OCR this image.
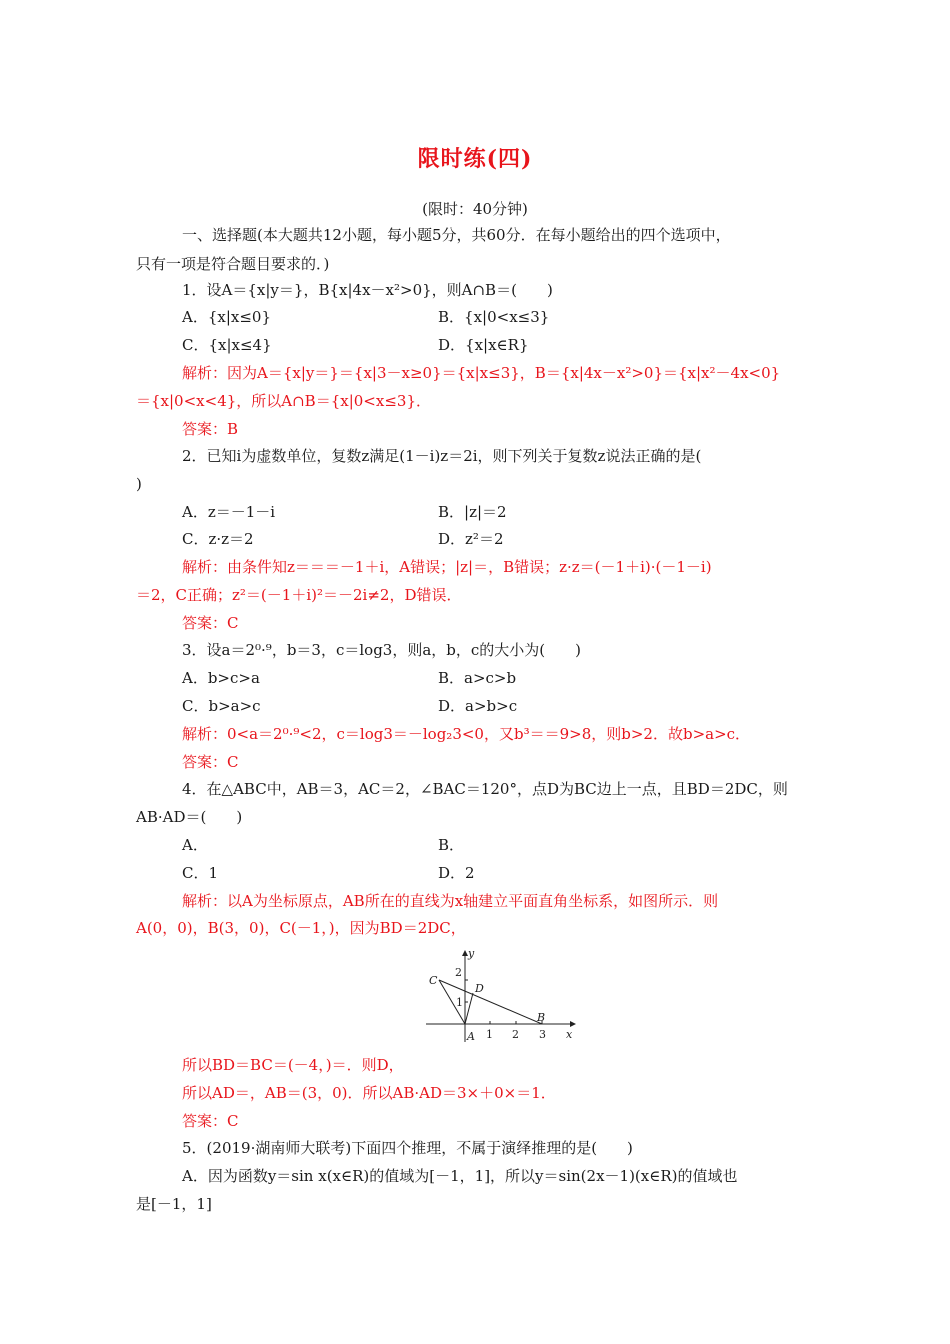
限时练(四)
(限时：40分钟)
一、选择题(本大题共12小题，每小题5分，共60分．在每小题给出的四个选项中，
只有一项是符合题目要求的．)
1．设A＝{x|y＝}，B{x|4x－x²>0}，则A∩B＝(　　)
A．{x|x≤0}	B．{x|0<x≤3}
C．{x|x≤4}	D．{x|x∈R}
解析：因为A＝{x|y＝}＝{x|3－x≥0}＝{x|x≤3}，B＝{x|4x－x²>0}＝{x|x²－4x<0}
＝{x|0<x<4}，所以A∩B＝{x|0<x≤3}．
答案：B
2．已知i为虚数单位，复数z满足(1－i)z＝2i，则下列关于复数z说法正确的是(
)
A．z＝－1－i	B．|z|＝2
C．z·z＝2	D．z²＝2
解析：由条件知z＝＝＝－1＋i，A错误；|z|＝，B错误；z·z＝(－1＋i)·(－1－i)
＝2，C正确；z²＝(－1＋i)²＝－2i≠2，D错误．
答案：C
3．设a＝2⁰·⁹，b＝3，c＝log3，则a，b，c的大小为(　　)
A．b>c>a	B．a>c>b
C．b>a>c	D．a>b>c
解析：0<a＝2⁰·⁹<2，c＝log3＝－log₂3<0，又b³＝＝9>8，则b>2．故b>a>c．
答案：C
4．在△ABC中，AB＝3，AC＝2，∠BAC＝120°，点D为BC边上一点，且BD＝2DC，则
AB·AD＝(　　)
A．	B．
C．1	D．2
解析：以A为坐标原点，AB所在的直线为x轴建立平面直角坐标系，如图所示．则
A(0，0)，B(3，0)，C(－1，)，因为BD＝2DC，
y
x
C
D
B
A
2
1
1 2 3
所以BD＝BC＝(－4，)＝．则D，
所以AD＝，AB＝(3，0)．所以AB·AD＝3×＋0×＝1．
答案：C
5．(2019·湖南师大联考)下面四个推理，不属于演绎推理的是(　　)
A．因为函数y＝sin x(x∈R)的值域为[－1，1]，所以y＝sin(2x－1)(x∈R)的值域也
是[－1，1]
